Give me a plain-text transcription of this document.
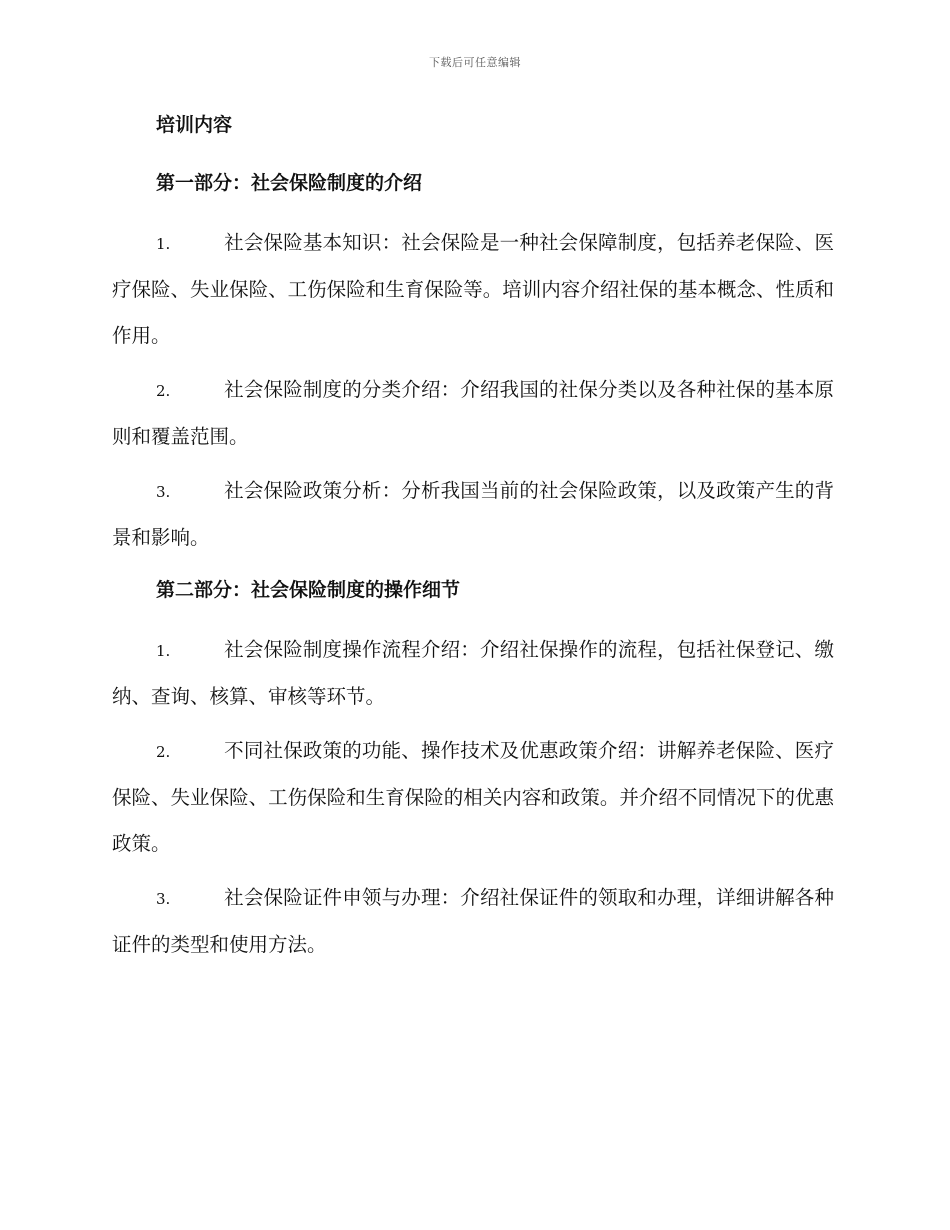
下载后可任意编辑
培训内容
第一部分：社会保险制度的介绍

1.	社会保险基本知识：社会保险是一种社会保障制度，包括养老保险、医疗保险、失业保险、工伤保险和生育保险等。培训内容介绍社保的基本概念、性质和作用。

2.	社会保险制度的分类介绍：介绍我国的社保分类以及各种社保的基本原则和覆盖范围。

3.	社会保险政策分析：分析我国当前的社会保险政策，以及政策产生的背景和影响。

第二部分：社会保险制度的操作细节

1.	社会保险制度操作流程介绍：介绍社保操作的流程，包括社保登记、缴纳、查询、核算、审核等环节。

2.	不同社保政策的功能、操作技术及优惠政策介绍：讲解养老保险、医疗保险、失业保险、工伤保险和生育保险的相关内容和政策。并介绍不同情况下的优惠政策。

3.	社会保险证件申领与办理：介绍社保证件的领取和办理，详细讲解各种证件的类型和使用方法。
